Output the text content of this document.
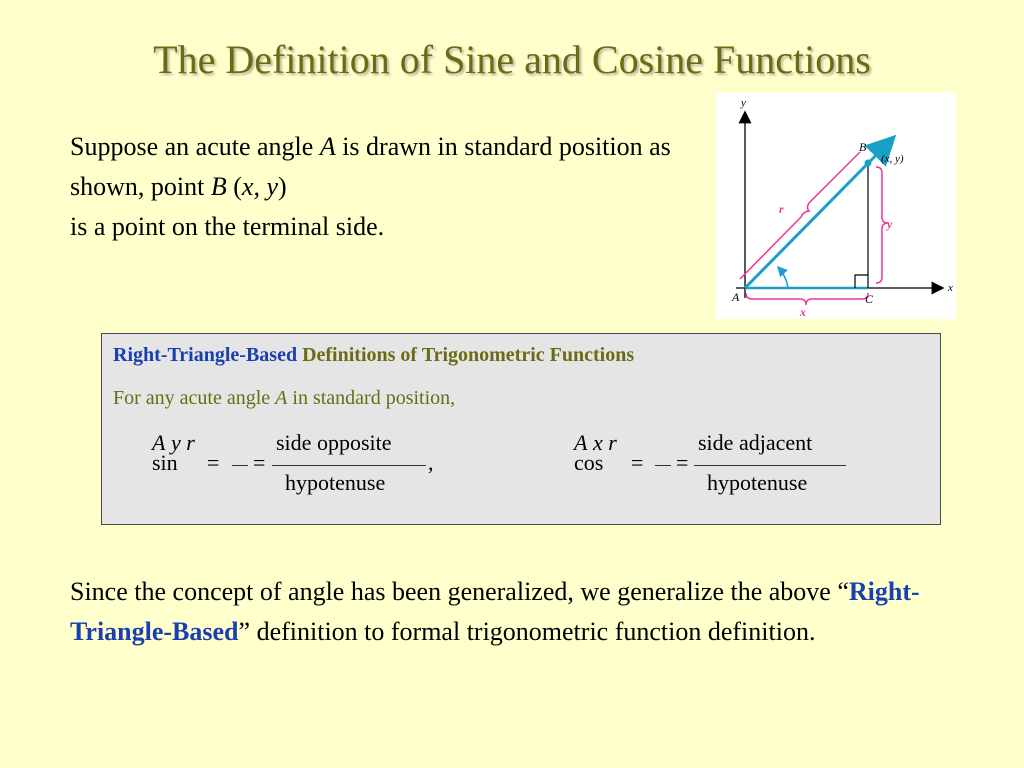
The Definition of Sine and Cosine Functions
Suppose an acute angle A is drawn in standard position as shown, point B (x, y)
is a point on the terminal side.
y
x
r
y
x
A
B
C
(x, y)
Right-Triangle-Based Definitions of Trigonometric Functions
For any acute angle A in standard position,
sin
A
=
y r
=
side opposite
hypotenuse
,	cos
A
=
x r
=
side adjacent
hypotenuse
Since the concept of angle has been generalized, we generalize the above “Right-Triangle-Based” definition to formal trigonometric function definition.
